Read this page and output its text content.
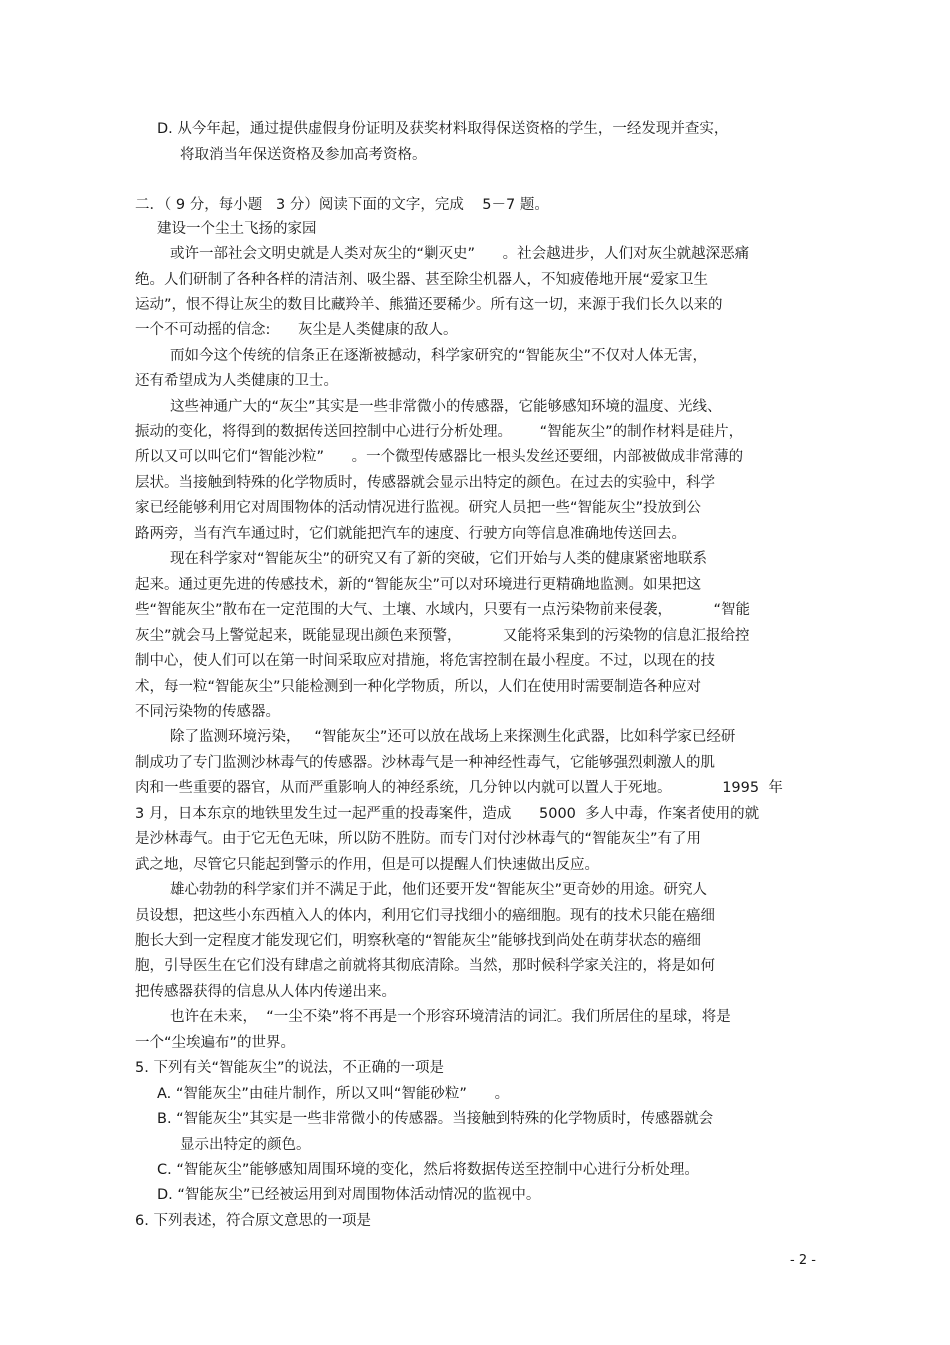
D. 从今年起，通过提供虚假身份证明及获奖材料取得保送资格的学生，一经发现并查实，
将取消当年保送资格及参加高考资格。
二．（ 9 分，每小题   3 分）阅读下面的文字，完成    5－7 题。
建设一个尘土飞扬的家园
或许一部社会文明史就是人类对灰尘的“剿灭史”      。社会越进步，人们对灰尘就越深恶痛
绝。人们研制了各种各样的清洁剂、吸尘器、甚至除尘机器人，不知疲倦地开展“爱家卫生
运动”，恨不得让灰尘的数目比藏羚羊、熊猫还要稀少。所有这一切，来源于我们长久以来的
一个不可动摇的信念:      灰尘是人类健康的敌人。
而如今这个传统的信条正在逐渐被撼动，科学家研究的“智能灰尘”不仅对人体无害，
还有希望成为人类健康的卫士。
这些神通广大的“灰尘”其实是一些非常微小的传感器，它能够感知环境的温度、光线、
振动的变化，将得到的数据传送回控制中心进行分析处理。      “智能灰尘”的制作材料是硅片，
所以又可以叫它们“智能沙粒”      。一个微型传感器比一根头发丝还要细，内部被做成非常薄的
层状。当接触到特殊的化学物质时，传感器就会显示出特定的颜色。在过去的实验中，科学
家已经能够利用它对周围物体的活动情况进行监视。研究人员把一些“智能灰尘”投放到公
路两旁，当有汽车通过时，它们就能把汽车的速度、行驶方向等信息准确地传送回去。
现在科学家对“智能灰尘”的研究又有了新的突破，它们开始与人类的健康紧密地联系
起来。通过更先进的传感技术，新的“智能灰尘”可以对环境进行更精确地监测。如果把这
些“智能灰尘”散布在一定范围的大气、土壤、水域内，只要有一点污染物前来侵袭，         “智能
灰尘”就会马上警觉起来，既能显现出颜色来预警，         又能将采集到的污染物的信息汇报给控
制中心，使人们可以在第一时间采取应对措施，将危害控制在最小程度。不过，以现在的技
术，每一粒“智能灰尘”只能检测到一种化学物质，所以，人们在使用时需要制造各种应对
不同污染物的传感器。
除了监测环境污染，   “智能灰尘”还可以放在战场上来探测生化武器，比如科学家已经研
制成功了专门监测沙林毒气的传感器。沙林毒气是一种神经性毒气，它能够强烈刺激人的肌
肉和一些重要的器官，从而严重影响人的神经系统，几分钟以内就可以置人于死地。           1995  年
3 月，日本东京的地铁里发生过一起严重的投毒案件，造成      5000  多人中毒，作案者使用的就
是沙林毒气。由于它无色无味，所以防不胜防。而专门对付沙林毒气的“智能灰尘”有了用
武之地，尽管它只能起到警示的作用，但是可以提醒人们快速做出反应。
雄心勃勃的科学家们并不满足于此，他们还要开发“智能灰尘”更奇妙的用途。研究人
员设想，把这些小东西植入人的体内，利用它们寻找细小的癌细胞。现有的技术只能在癌细
胞长大到一定程度才能发现它们，明察秋毫的“智能灰尘”能够找到尚处在萌芽状态的癌细
胞，引导医生在它们没有肆虐之前就将其彻底清除。当然，那时候科学家关注的，将是如何
把传感器获得的信息从人体内传递出来。
也许在未来，  “一尘不染”将不再是一个形容环境清洁的词汇。我们所居住的星球，将是
一个“尘埃遍布”的世界。
5. 下列有关“智能灰尘”的说法，不正确的一项是
A. “智能灰尘”由硅片制作，所以又叫“智能砂粒”      。
B. “智能灰尘”其实是一些非常微小的传感器。当接触到特殊的化学物质时，传感器就会
显示出特定的颜色。
C. “智能灰尘”能够感知周围环境的变化，然后将数据传送至控制中心进行分析处理。
D. “智能灰尘”已经被运用到对周围物体活动情况的监视中。
6. 下列表述，符合原文意思的一项是
- 2 -
